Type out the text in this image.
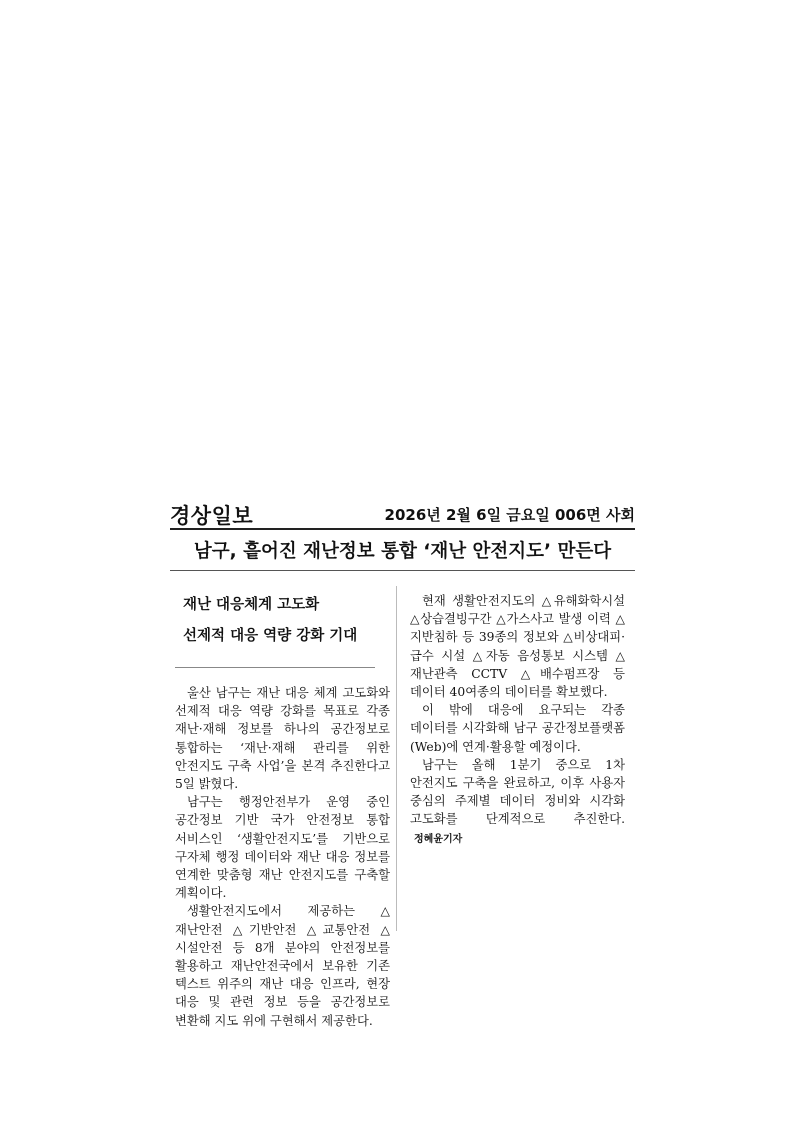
경상일보	2026년 2월 6일 금요일 006면 사회
남구, 흩어진 재난정보 통합 ‘재난 안전지도’ 만든다
재난 대응체계 고도화
선제적 대응 역량 강화 기대

울산 남구는 재난 대응 체계 고도화와 선제적 대응 역량 강화를 목표로 각종 재난·재해 정보를 하나의 공간정보로 통합하는 ‘재난·재해 관리를 위한 안전지도 구축 사업’을 본격 추진한다고 5일 밝혔다.

남구는 행정안전부가 운영 중인 공간정보 기반 국가 안전정보 통합 서비스인 ‘생활안전지도’를 기반으로 구자체 행정 데이터와 재난 대응 정보를 연계한 맞춤형 재난 안전지도를 구축할 계획이다.

생활안전지도에서 제공하는 △재난안전 △기반안전 △교통안전 △시설안전 등 8개 분야의 안전정보를 활용하고 재난안전국에서 보유한 기존 텍스트 위주의 재난 대응 인프라, 현장 대응 및 관련 정보 등을 공간정보로 변환해 지도 위에 구현해서 제공한다.

현재 생활안전지도의 △유해화학시설 △상습결빙구간 △가스사고 발생 이력 △지반침하 등 39종의 정보와 △비상대피·급수 시설 △자동 음성통보 시스템 △재난관측 CCTV △배수펌프장 등 데이터 40여종의 데이터를 확보했다.

이 밖에 대응에 요구되는 각종 데이터를 시각화해 남구 공간정보플랫폼(Web)에 연계·활용할 예정이다.

남구는 올해 1분기 중으로 1차 안전지도 구축을 완료하고, 이후 사용자 중심의 주제별 데이터 정비와 시각화 고도화를 단계적으로 추진한다.정혜윤기자
